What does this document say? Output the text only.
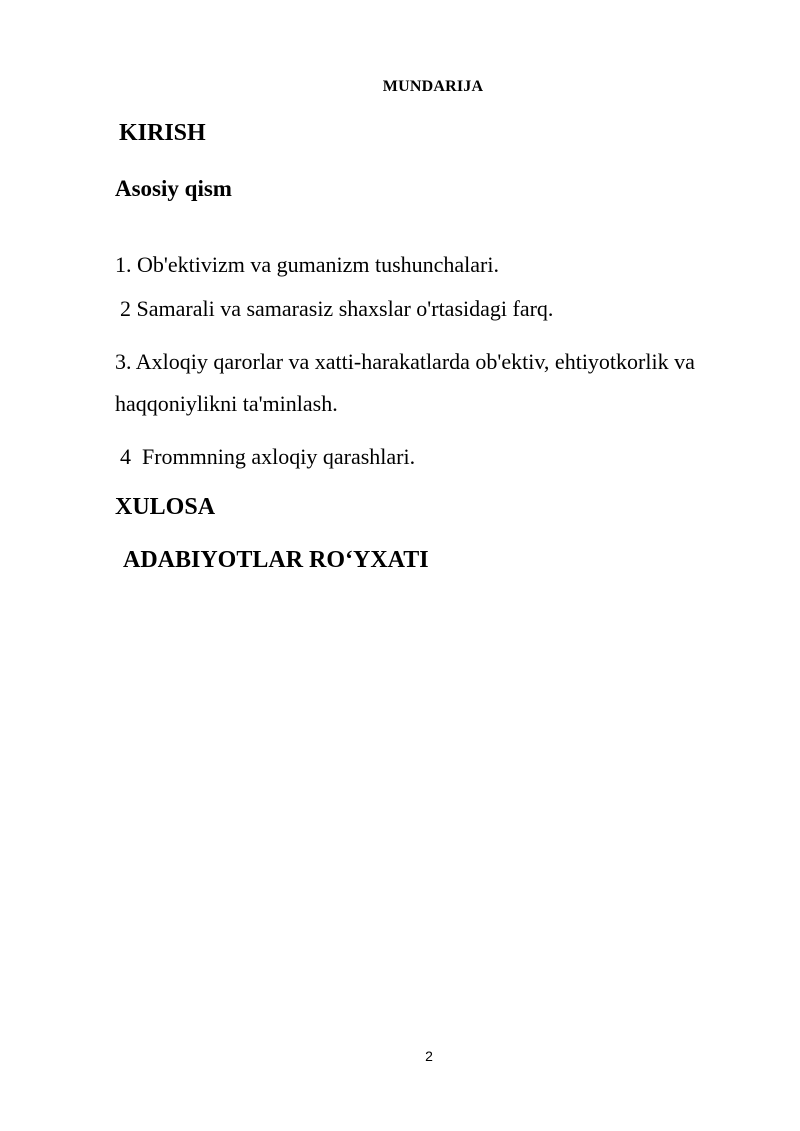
MUNDARIJA
KIRISH
Asosiy qism
1. Ob'ektivizm va gumanizm tushunchalari.
2 Samarali va samarasiz shaxslar o'rtasidagi farq.
3. Axloqiy qarorlar va xatti-harakatlarda ob'ektiv, ehtiyotkorlik va haqqoniylikni ta'minlash.
4  Frommning axloqiy qarashlari.
XULOSA
ADABIYOTLAR RO‘YXATI
2
